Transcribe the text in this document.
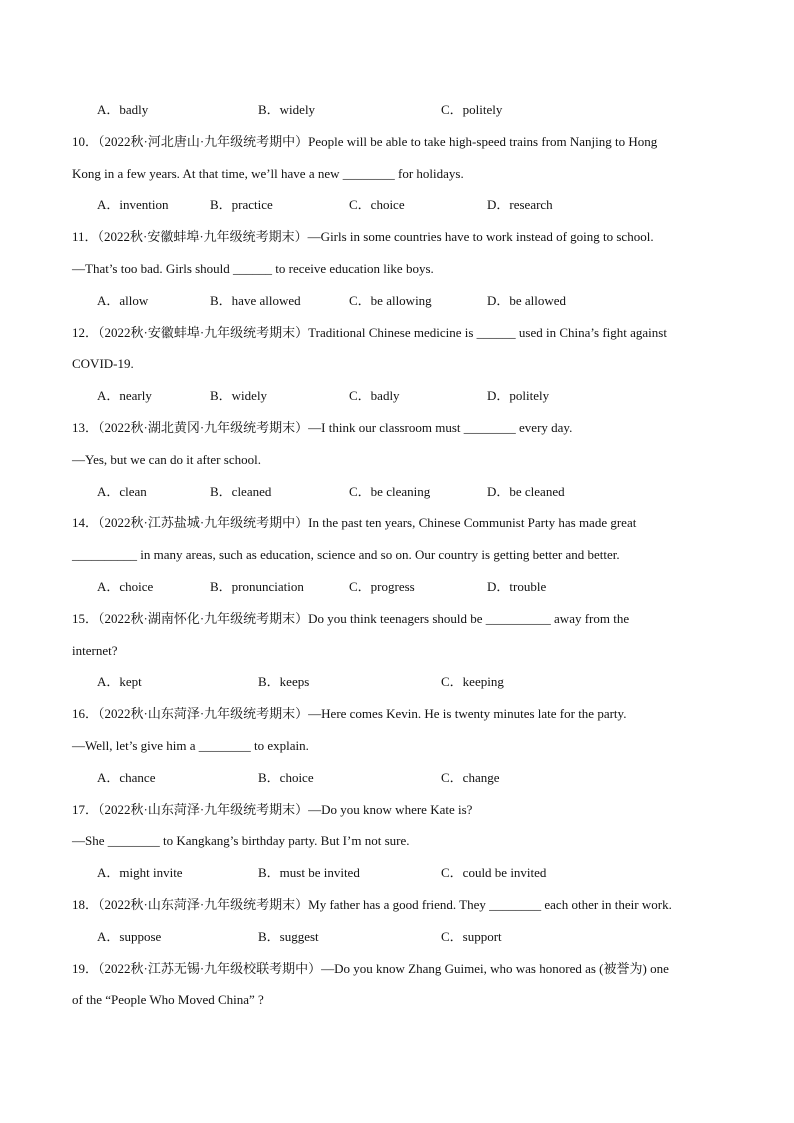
A．badly	B．widely	C．politely
10．（2022秋·河北唐山·九年级统考期中）People will be able to take high-speed trains from Nanjing to Hong
Kong in a few years. At that time, we’ll have a new ________ for holidays.
A．invention	B．practice	C．choice	D．research
11．（2022秋·安徽蚌埠·九年级统考期末）—Girls in some countries have to work instead of going to school.
—That’s too bad. Girls should ______ to receive education like boys.
A．allow	B．have allowed	C．be allowing	D．be allowed
12．（2022秋·安徽蚌埠·九年级统考期末）Traditional Chinese medicine is ______ used in China’s fight against
COVID-19.
A．nearly	B．widely	C．badly	D．politely
13．（2022秋·湖北黄冈·九年级统考期末）—I think our classroom must ________ every day.
—Yes, but we can do it after school.
A．clean	B．cleaned	C．be cleaning	D．be cleaned
14．（2022秋·江苏盐城·九年级统考期中）In the past ten years, Chinese Communist Party has made great
__________ in many areas, such as education, science and so on. Our country is getting better and better.
A．choice	B．pronunciation	C．progress	D．trouble
15．（2022秋·湖南怀化·九年级统考期末）Do you think teenagers should be __________ away from the
internet?
A．kept	B．keeps	C．keeping
16．（2022秋·山东菏泽·九年级统考期末）—Here comes Kevin. He is twenty minutes late for the party.
—Well, let’s give him a ________ to explain.
A．chance	B．choice	C．change
17．（2022秋·山东菏泽·九年级统考期末）—Do you know where Kate is?
—She ________ to Kangkang’s birthday party. But I’m not sure.
A．might invite	B．must be invited	C．could be invited
18．（2022秋·山东菏泽·九年级统考期末）My father has a good friend. They ________ each other in their work.
A．suppose	B．suggest	C．support
19．（2022秋·江苏无锡·九年级校联考期中）—Do you know Zhang Guimei, who was honored as (被誉为) one
of the “People Who Moved China” ?
